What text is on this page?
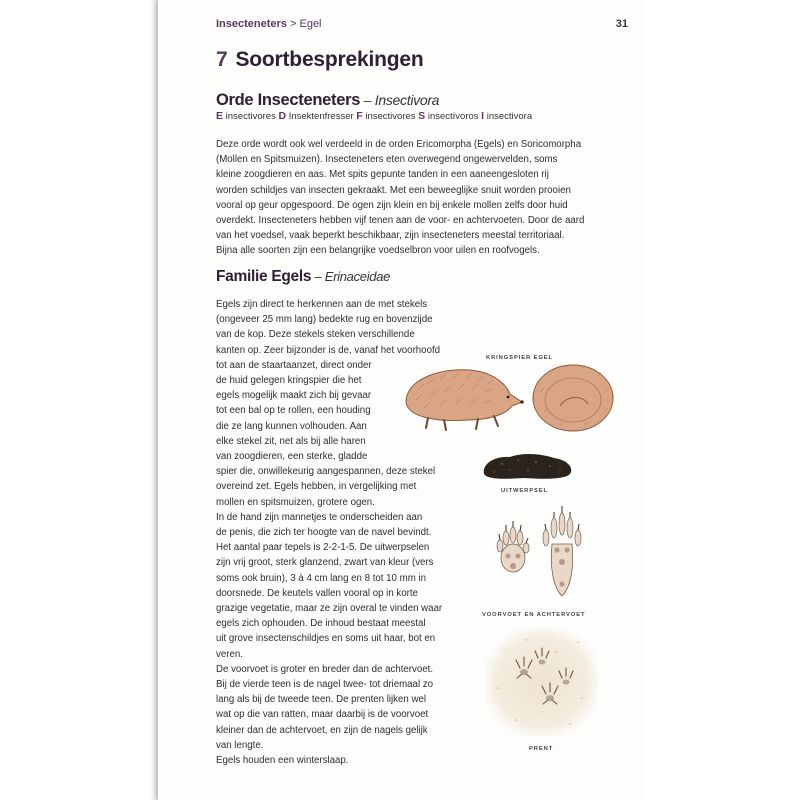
Insecteneters > Egel	31
7 Soortbesprekingen
Orde Insecteneters – Insectivora
E insectivores D Insektenfresser F insectivores S insectívoros I insectivora
Deze orde wordt ook wel verdeeld in de orden Ericomorpha (Egels) en Soricomorpha
(Mollen en Spitsmuizen). Insecteneters eten overwegend ongewervelden, soms
kleine zoogdieren en aas. Met spits gepunte tanden in een aaneengesloten rij
worden schildjes van insecten gekraakt. Met een beweeglijke snuit worden prooien
vooral op geur opgespoord. De ogen zijn klein en bij enkele mollen zelfs door huid
overdekt. Insecteneters hebben vijf tenen aan de voor- en achtervoeten. Door de aard
van het voedsel, vaak beperkt beschikbaar, zijn insecteneters meestal territoriaal.
Bijna alle soorten zijn een belangrijke voedselbron voor uilen en roofvogels.
Familie Egels – Erinaceidae
Egels zijn direct te herkennen aan de met stekels
(ongeveer 25 mm lang) bedekte rug en bovenzijde
van de kop. Deze stekels steken verschillende
kanten op. Zeer bijzonder is de, vanaf het voorhoofd
tot aan de staartaanzet, direct onder
de huid gelegen kringspier die het
egels mogelijk maakt zich bij gevaar
tot een bal op te rollen, een houding
die ze lang kunnen volhouden. Aan
elke stekel zit, net als bij alle haren
van zoogdieren, een sterke, gladde
spier die, onwillekeurig aangespannen, deze stekel
overeind zet. Egels hebben, in vergelijking met
mollen en spitsmuizen, grotere ogen.
In de hand zijn mannetjes te onderscheiden aan
de penis, die zich ter hoogte van de navel bevindt.
Het aantal paar tepels is 2-2-1-5. De uitwerpselen
zijn vrij groot, sterk glanzend, zwart van kleur (vers
soms ook bruin), 3 à 4 cm lang en 8 tot 10 mm in
doorsnede. De keutels vallen vooral op in korte
grazige vegetatie, maar ze zijn overal te vinden waar
egels zich ophouden. De inhoud bestaat meestal
uit grove insectenschildjes en soms uit haar, bot en
veren.
De voorvoet is groter en breder dan de achtervoet.
Bij de vierde teen is de nagel twee- tot driemaal zo
lang als bij de tweede teen. De prenten lijken wel
wat op die van ratten, maar daarbij is de voorvoet
kleiner dan de achtervoet, en zijn de nagels gelijk
van lengte.
Egels houden een winterslaap.
KRINGSPIER EGEL
UITWERPSEL
VOORVOET EN ACHTERVOET
PRENT
